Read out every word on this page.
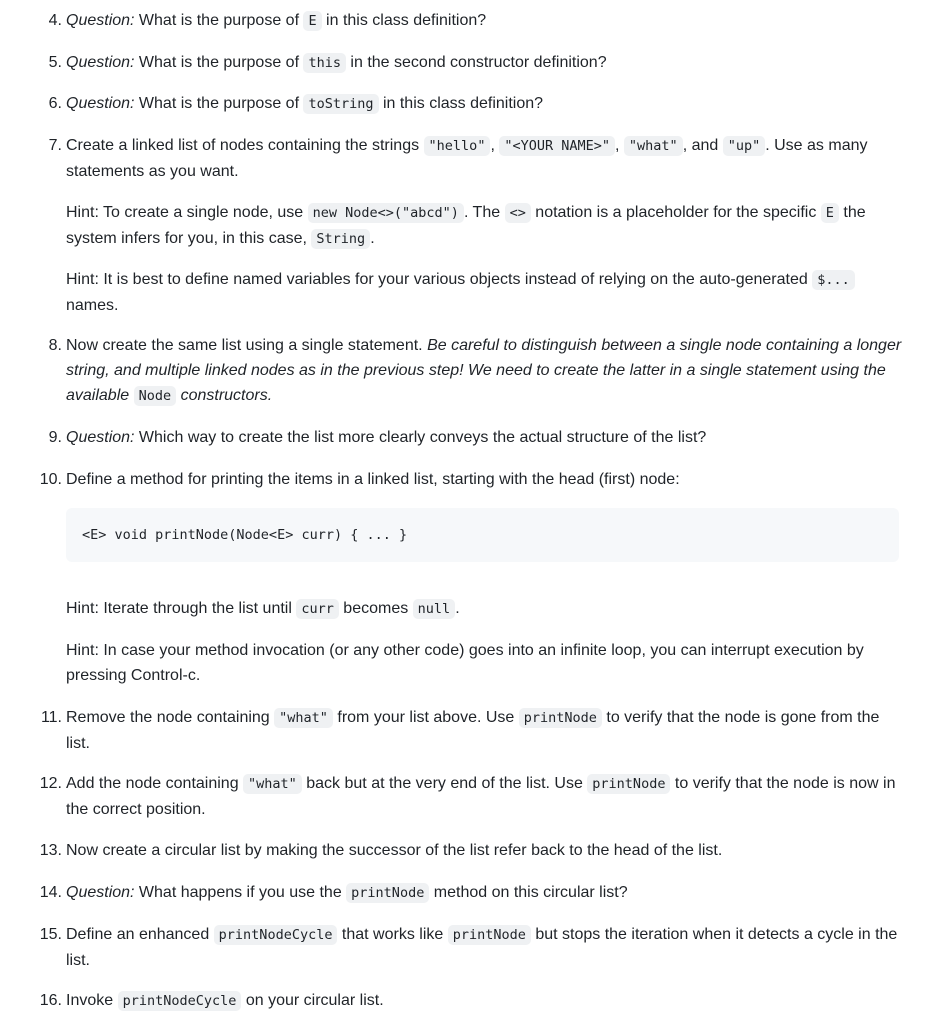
4. Question: What is the purpose of E in this class definition?
5. Question: What is the purpose of this in the second constructor definition?
6. Question: What is the purpose of toString in this class definition?
7. Create a linked list of nodes containing the strings "hello" , "<YOUR NAME>" , "what" , and "up" . Use as many statements as you want.
Hint: To create a single node, use new Node<>("abcd") . The <> notation is a placeholder for the specific E the system infers for you, in this case, String .
Hint: It is best to define named variables for your various objects instead of relying on the auto-generated $... names.
8. Now create the same list using a single statement. Be careful to distinguish between a single node containing a longer string, and multiple linked nodes as in the previous step! We need to create the latter in a single statement using the available Node constructors.
9. Question: Which way to create the list more clearly conveys the actual structure of the list?
10. Define a method for printing the items in a linked list, starting with the head (first) node:
<E> void printNode(Node<E> curr) { ... }
Hint: Iterate through the list until curr becomes null .
Hint: In case your method invocation (or any other code) goes into an infinite loop, you can interrupt execution by pressing Control-c.
11. Remove the node containing "what" from your list above. Use printNode to verify that the node is gone from the list.
12. Add the node containing "what" back but at the very end of the list. Use printNode to verify that the node is now in the correct position.
13. Now create a circular list by making the successor of the list refer back to the head of the list.
14. Question: What happens if you use the printNode method on this circular list?
15. Define an enhanced printNodeCycle that works like printNode but stops the iteration when it detects a cycle in the list.
16. Invoke printNodeCycle on your circular list.
